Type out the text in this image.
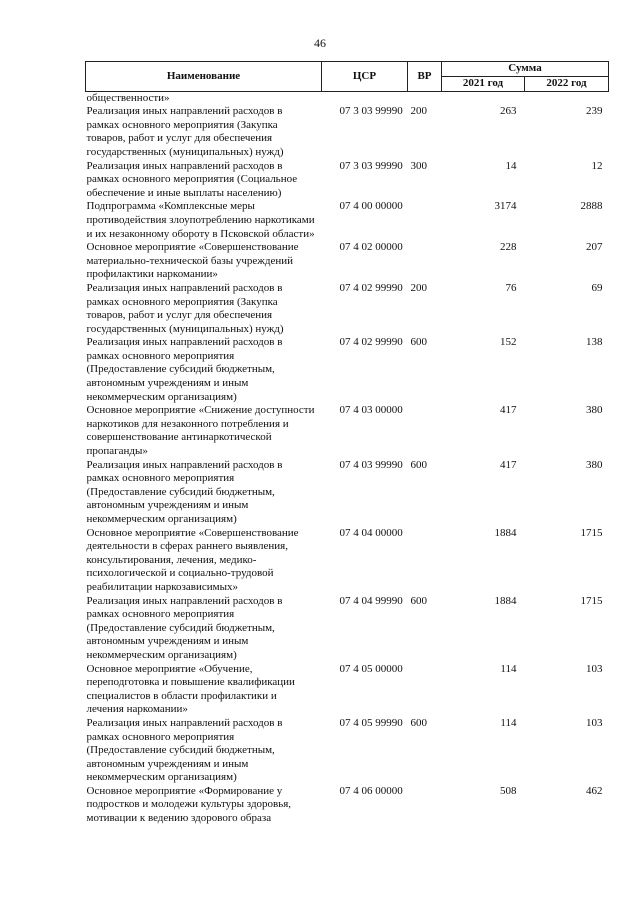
46
Наименование	ЦСР	ВР	Сумма	
			2021 год	2022 год
общественности»				
Реализация иных направлений расходов в рамках основного мероприятия (Закупка товаров, работ и услуг для обеспечения государственных (муниципальных) нужд)	07 3 03 99990	200	263	239
Реализация иных направлений расходов в рамках основного мероприятия (Социальное обеспечение и иные выплаты населению)	07 3 03 99990	300	14	12
Подпрограмма «Комплексные меры противодействия злоупотреблению наркотиками и их незаконному обороту в Псковской области»	07 4 00 00000		3174	2888
Основное мероприятие «Совершенствование материально-технической базы учреждений профилактики наркомании»	07 4 02 00000		228	207
Реализация иных направлений расходов в рамках основного мероприятия (Закупка товаров, работ и услуг для обеспечения государственных (муниципальных) нужд)	07 4 02 99990	200	76	69
Реализация иных направлений расходов в рамках основного мероприятия (Предоставление субсидий бюджетным, автономным учреждениям и иным некоммерческим организациям)	07 4 02 99990	600	152	138
Основное мероприятие «Снижение доступности наркотиков для незаконного потребления и совершенствование антинаркотической пропаганды»	07 4 03 00000		417	380
Реализация иных направлений расходов в рамках основного мероприятия (Предоставление субсидий бюджетным, автономным учреждениям и иным некоммерческим организациям)	07 4 03 99990	600	417	380
Основное мероприятие «Совершенствование деятельности в сферах раннего выявления, консультирования, лечения, медико-психологической и социально-трудовой реабилитации наркозависимых»	07 4 04 00000		1884	1715
Реализация иных направлений расходов в рамках основного мероприятия (Предоставление субсидий бюджетным, автономным учреждениям и иным некоммерческим организациям)	07 4 04 99990	600	1884	1715
Основное мероприятие «Обучение, переподготовка и повышение квалификации специалистов в области профилактики и лечения наркомании»	07 4 05 00000		114	103
Реализация иных направлений расходов в рамках основного мероприятия (Предоставление субсидий бюджетным, автономным учреждениям и иным некоммерческим организациям)	07 4 05 99990	600	114	103
Основное мероприятие «Формирование у подростков и молодежи культуры здоровья, мотивации к ведению здорового образа	07 4 06 00000		508	462
